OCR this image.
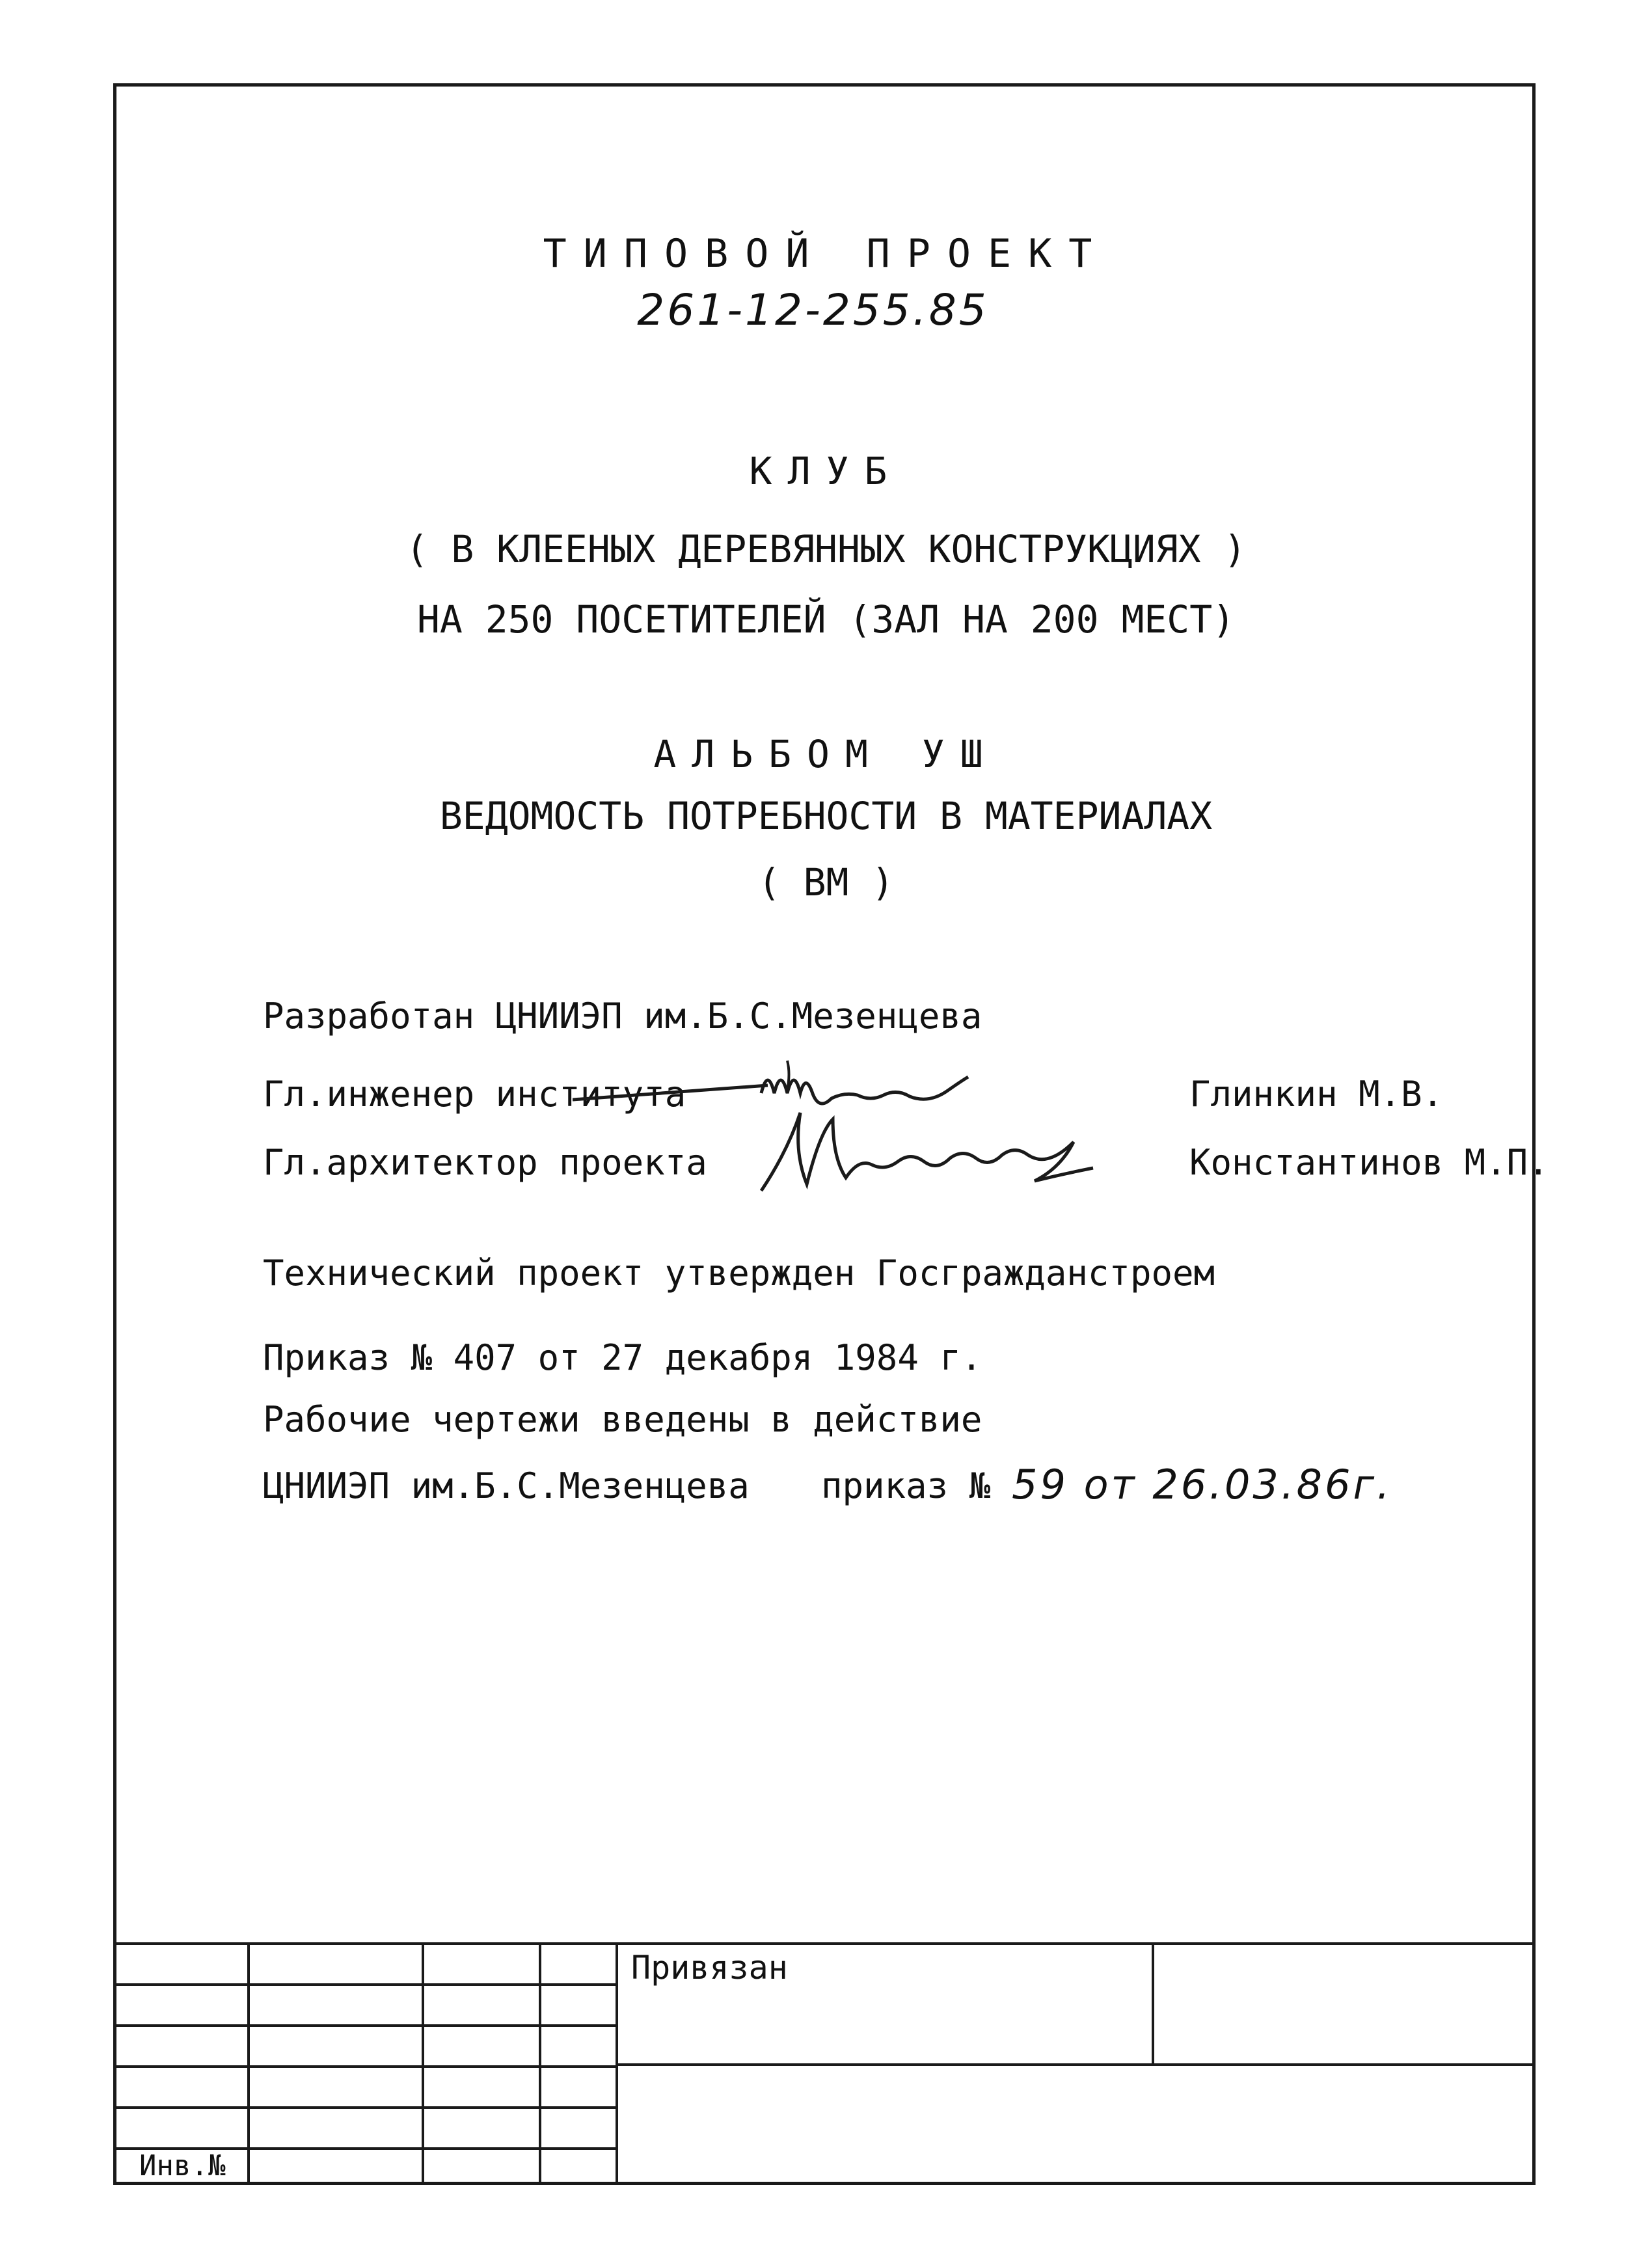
ТИПОВОЙ ПРОЕКТ
261-12-255.85
КЛУБ
( В КЛЕЕНЫХ ДЕРЕВЯННЫХ КОНСТРУКЦИЯХ )
НА 250 ПОСЕТИТЕЛЕЙ (ЗАЛ НА 200 МЕСТ)
АЛЬБОМ УШ
ВЕДОМОСТЬ ПОТРЕБНОСТИ В МАТЕРИАЛАХ
( ВМ )
Разработан ЦНИИЭП им.Б.С.Мезенцева
Гл.инженер института	Глинкин М.В.
Гл.архитектор проекта	Константинов М.П.
Технический проект утвержден Госгражданстроем
Приказ № 407 от 27 декабря 1984 г.
Рабочие чертежи введены в действие
ЦНИИЭП им.Б.С.Мезенцева приказ № 59 от 26.03.86г.
Привязан
Инв.№
